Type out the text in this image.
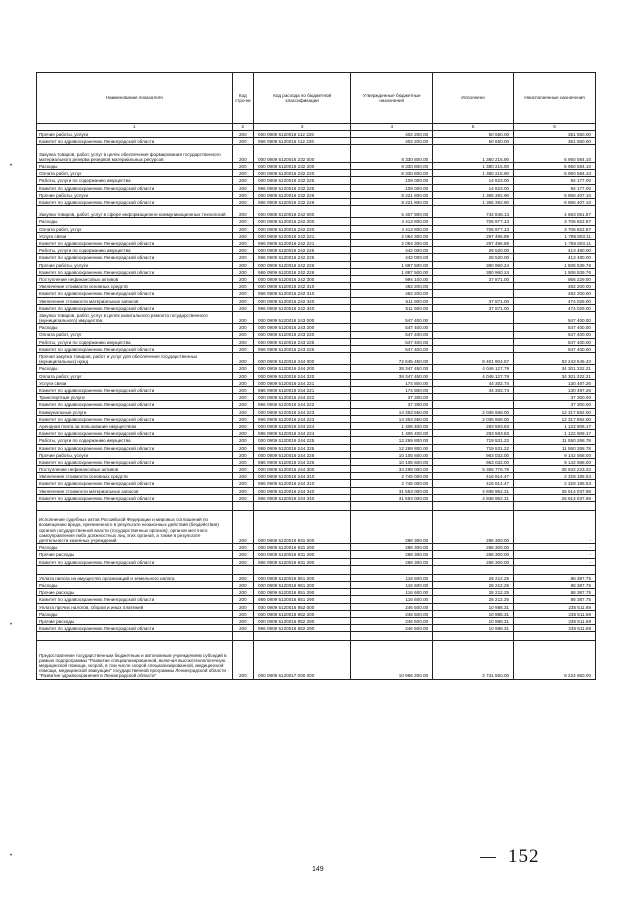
Наименование показателя	Код стро-ки	Код расхода по бюджетной классификации	Утвержденные бюджетные назначения	Исполнено	Неисполненные назначения
1	2	3	4	5	6
Прочие работы, услуги	200	000 0909 5120016 112 226	402 200.00	50 650.00	351 550.00
Комитет по здравоохранению Ленинградской области	200	986 0909 5120016 112 226	402 200.00	50 650.00	351 550.00
Закупка товаров, работ, услуг в целях обеспечения формирования государственного материального резерва резервов материальных ресурсов	200	000 0909 5120016 232 000	8 330 800.00	1 380 215.90	6 950 584.10
Расходы	200	000 0909 5120016 232 200	8 330 800.00	1 380 215.90	6 950 584.10
Оплата работ, услуг	200	000 0909 5120016 232 220	8 330 800.00	1 380 215.90	6 950 584.10
Работы, услуги по содержанию имущества	200	000 0909 5120016 232 225	109 000.00	14 623.00	94 177.00
Комитет по здравоохранению Ленинградской области	200	986 0909 5120016 232 225	109 000.00	14 623.00	94 177.00
Прочие работы, услуги	200	000 0909 5120016 232 226	8 221 800.00	1 365 392.90	6 856 407.10
Комитет по здравоохранению Ленинградской области	200	986 0909 5120016 232 226	8 221 800.00	1 365 392.90	6 856 407.10
Закупка товаров, работ, услуг в сфере информационно-коммуникационных технологий	200	000 0909 5120016 242 000	5 407 900.00	744 848.13	4 663 051.87
Расходы	200	000 0909 5120016 242 200	4 413 800.00	706 977.13	3 706 822.87
Оплата работ, услуг	200	000 0909 5120016 242 220	4 413 800.00	706 977.13	3 706 822.87
Услуги связи	200	000 0909 5120016 242 221	2 084 300.00	297 496.89	1 786 803.11
Комитет по здравоохранению Ленинградской области	200	986 0909 5120016 242 221	2 084 300.00	297 496.89	1 786 803.11
Работы, услуги по содержанию имущества	200	000 0909 5120016 242 225	442 000.00	28 520.00	413 480.00
Комитет по здравоохранению Ленинградской области	200	986 0909 5120016 242 225	442 000.00	28 520.00	413 480.00
Прочие работы, услуги	200	000 0909 5120016 242 226	1 887 500.00	380 960.24	1 506 539.76
Комитет по здравоохранению Ленинградской области	200	986 0909 5120016 242 226	1 887 500.00	380 960.24	1 506 539.76
Поступление нефинансовых активов	200	000 0909 5120016 242 300	994 100.00	37 871.00	956 229.00
Увеличение стоимости основных средств	200	000 0909 5120016 242 310	482 200.00		482 200.00
Комитет по здравоохранению Ленинградской области	200	986 0909 5120016 242 310	482 200.00		482 200.00
Увеличение стоимости материальных запасов	200	000 0909 5120016 242 340	511 900.00	37 871.00	474 029.00
Комитет по здравоохранению Ленинградской области	200	986 0909 5120016 242 340	511 900.00	37 871.00	474 029.00
Закупка товаров, работ, услуг в целях капитального ремонта государственного (муниципального) имущества	200	000 0909 5120016 243 000	547 400.00		547 400.00
Расходы	200	000 0909 5120016 243 200	547 400.00		547 400.00
Оплата работ, услуг	200	000 0909 5120016 243 220	547 400.00		547 400.00
Работы, услуги по содержанию имущества	200	000 0909 5120016 243 225	547 400.00		547 400.00
Комитет по здравоохранению Ленинградской области	200	986 0909 5120016 243 225	547 400.00		547 400.00
Прочая закупка товаров, работ и услуг для обеспечения государственных (муниципальных) нужд	200	000 0909 5120016 244 000	72 645 450.00	8 401 904.57	63 243 545.43
Расходы	200	000 0909 5120016 244 200	38 347 450.00	4 046 127.79	34 301 322.21
Оплата работ, услуг	200	000 0909 5120016 244 220	38 347 450.00	4 046 127.79	34 301 322.21
Услуги связи	200	000 0909 5120016 244 221	174 800.00	44 302.74	130 497.26
Комитет по здравоохранению Ленинградской области	200	986 0909 5120016 244 221	174 800.00	44 302.74	130 497.26
Транспортные услуги	200	000 0909 5120016 244 222	37 300.00		37 300.00
Комитет по здравоохранению Ленинградской области	200	986 0909 5120016 244 222	37 300.00		37 300.00
Коммунальные услуги	200	000 0909 5120016 244 223	14 353 550.00	2 035 668.00	12 317 882.00
Комитет по здравоохранению Ленинградской области	200	986 0909 5120016 244 223	14 353 550.00	2 035 668.00	12 317 882.00
Арендная плата за пользование имуществом	200	000 0909 5120016 244 224	1 406 400.00	283 593.83	1 122 806.17
Комитет по здравоохранению Ленинградской области	200	986 0909 5120016 244 224	1 406 400.00	283 593.83	1 122 806.17
Работы, услуги по содержанию имущества	200	000 0909 5120016 244 225	12 269 800.00	719 531.22	11 550 268.78
Комитет по здравоохранению Ленинградской области	200	986 0909 5120016 244 225	12 269 800.00	719 531.22	11 550 268.78
Прочие работы, услуги	200	000 0909 5120016 244 226	10 105 600.00	963 032.00	9 142 568.00
Комитет по здравоохранению Ленинградской области	200	986 0909 5120016 244 226	10 105 600.00	963 032.00	9 142 568.00
Поступление нефинансовых активов	200	000 0909 5120016 244 300	34 298 000.00	5 355 776.78	28 942 223.22
Увеличение стоимости основных средств	200	000 0909 5120016 244 310	2 745 000.00	416 814.47	2 328 185.53
Комитет по здравоохранению Ленинградской области	200	986 0909 5120016 244 310	2 745 000.00	416 814.47	2 328 185.53
Увеличение стоимости материальных запасов	200	000 0909 5120016 244 340	31 553 000.00	4 938 962.31	26 614 037.69
Комитет по здравоохранению Ленинградской области	200	986 0909 5120016 244 340	31 553 000.00	4 938 962.31	26 614 037.69

Исполнение судебных актов Российской Федерации и мировых соглашений по возмещению вреда, причиненного в результате незаконных действий (бездействия) органов государственной власти (государственных органов), органов местного самоуправления либо должностных лиц этих органов, а также в результате деятельности казенных учреждений	200	000 0909 5120016 831 000	288 300.00	288 300.00	-
Расходы	200	000 0909 5120016 831 200	288 300.00	288 300.00	-
Прочие расходы	200	000 0909 5120016 831 290	288 300.00	288 300.00	-
Комитет по здравоохранению Ленинградской области	200	986 0909 5120016 831 290	288 300.00	288 300.00	-

Уплата налога на имущество организаций и земельного налога	200	000 0909 5120016 851 000	116 600.00	28 212.25	88 387.75
Расходы	200	000 0909 5120016 851 200	116 600.00	28 212.25	88 387.75
Прочие расходы	200	000 0909 5120016 851 290	116 600.00	28 212.25	88 387.75
Комитет по здравоохранению Ленинградской области	200	986 0909 5120016 851 290	116 600.00	28 212.25	88 387.75
Уплата прочих налогов, сборов и иных платежей	200	000 0909 5120016 852 000	246 500.00	10 988.31	235 511.69
Расходы	200	000 0909 5120016 852 200	246 500.00	10 988.31	235 511.69
Прочие расходы	200	000 0909 5120016 852 290	246 500.00	10 988.31	235 511.69
Комитет по здравоохранению Ленинградской области	200	986 0909 5120016 852 290	246 500.00	10 988.31	235 511.69

Предоставление государственным бюджетным и автономным учреждениям субсидий в рамках подпрограммы "Развитие специализированной, включая высокотехнологичную медицинской помощи, скорой, в том числе скорой специализированной, медицинской помощи, медицинской эвакуации" государственной программы Ленинградской области "Развитие здравоохранения в Ленинградской области"	200	000 0909 5120017 000 000	10 966 200.00	2 741 550.00	8 224 650.00
149
152
•
•
•
